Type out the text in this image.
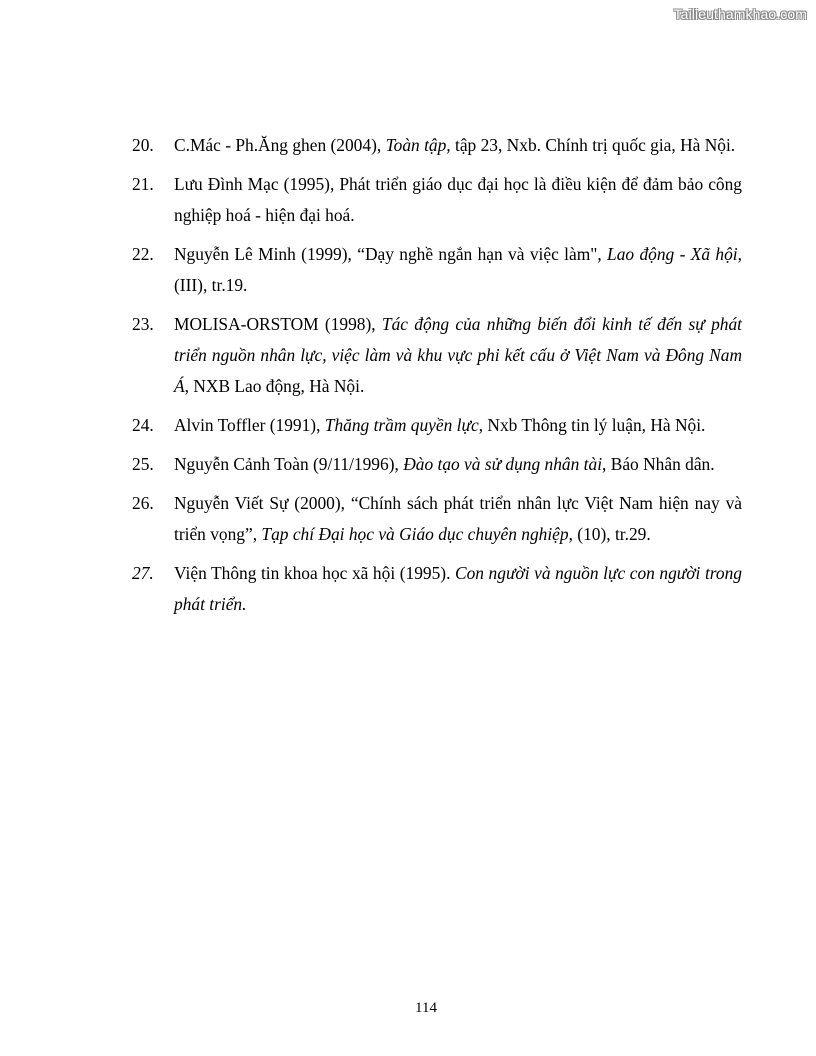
Tailieuthamkhao.com
20.	C.Mác - Ph.Ăng ghen (2004), Toàn tập, tập 23, Nxb. Chính trị quốc gia, Hà Nội.
21.	Lưu Đình Mạc (1995), Phát triển giáo dục đại học là điều kiện để đảm bảo công nghiệp hoá - hiện đại hoá.
22.	Nguyễn Lê Minh (1999), “Dạy nghề ngắn hạn và việc làm", Lao động - Xã hội, (III), tr.19.
23.	MOLISA-ORSTOM (1998), Tác động của những biến đổi kinh tế đến sự phát triển nguồn nhân lực, việc làm và khu vực phi kết cấu ở Việt Nam và Đông Nam Á, NXB Lao động, Hà Nội.
24.	Alvin Toffler (1991), Thăng trầm quyền lực, Nxb Thông tin lý luận, Hà Nội.
25.	Nguyễn Cảnh Toàn (9/11/1996), Đào tạo và sử dụng nhân tài, Báo Nhân dân.
26.	Nguyễn Viết Sự (2000), “Chính sách phát triển nhân lực Việt Nam hiện nay và triển vọng”, Tạp chí Đại học và Giáo dục chuyên nghiệp, (10), tr.29.
27.	Viện Thông tin khoa học xã hội (1995). Con người và nguồn lực con người trong phát triển.
114
